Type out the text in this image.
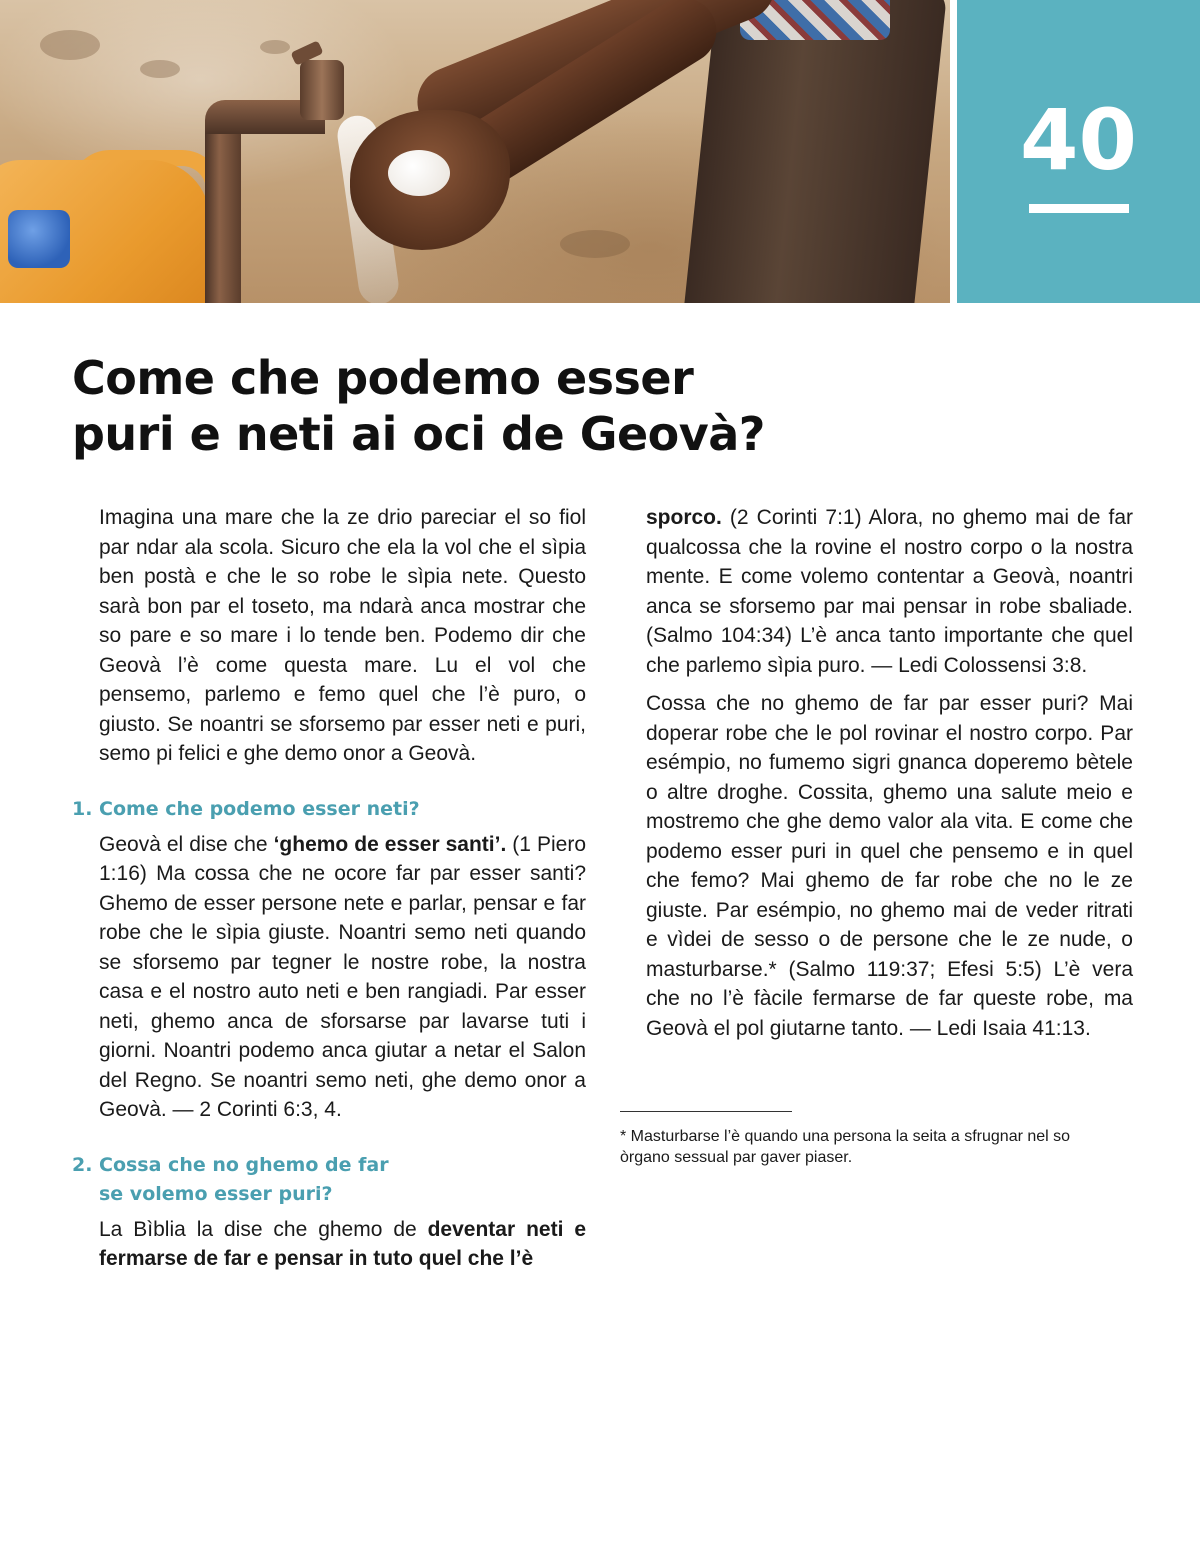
40
Come che podemo esser
puri e neti ai oci de Geovà?

Imagina una mare che la ze drio pareciar el so fiol par ndar ala scola. Sicuro che ela la vol che el sìpia ben postà e che le so robe le sìpia nete. Questo sarà bon par el toseto, ma ndarà anca mostrar che so pare e so mare i lo tende ben. Podemo dir che Geovà l’è come questa mare. Lu el vol che pensemo, parlemo e femo quel che l’è puro, o giusto. Se noantri se sforsemo par esser neti e puri, semo pi felici e ghe demo onor a Geovà.

1. Come che podemo esser neti?

Geovà el dise che ‘ghemo de esser santi’. (1 Piero 1:16) Ma cossa che ne ocore far par esser santi? Ghemo de esser persone nete e parlar, pensar e far robe che le sìpia giuste. Noantri semo neti quando se sforsemo par tegner le nostre robe, la nostra casa e el nostro auto neti e ben rangiadi. Par esser neti, ghemo anca de sforsarse par lavarse tuti i giorni. Noantri podemo anca giutar a netar el Salon del Regno. Se noantri semo neti, ghe demo onor a Geovà. — 2 Corinti 6:3, 4.

2. Cossa che no ghemo de far
se volemo esser puri?

La Bìblia la dise che ghemo de deventar neti e fermarse de far e pensar in tuto quel che l’è

sporco. (2 Corinti 7:1) Alora, no ghemo mai de far qualcossa che la rovine el nostro corpo o la nostra mente. E come volemo contentar a Geovà, noantri anca se sforsemo par mai pensar in robe sbaliade. (Salmo 104:34) L’è anca tanto importante che quel che parlemo sìpia puro. — Ledi Colossensi 3:8.

Cossa che no ghemo de far par esser puri? Mai doperar robe che le pol rovinar el nostro corpo. Par esémpio, no fumemo sigri gnanca doperemo bètele o altre droghe. Cossita, ghemo una salute meio e mostremo che ghe demo valor ala vita. E come che podemo esser puri in quel che pensemo e in quel che femo? Mai ghemo de far robe che no le ze giuste. Par esémpio, no ghemo mai de veder ritrati e vìdei de sesso o de persone che le ze nude, o masturbarse.* (Salmo 119:37; Efesi 5:5) L’è vera che no l’è fàcile fermarse de far queste robe, ma Geovà el pol giutarne tanto. — Ledi Isaia 41:13.

* Masturbarse l’è quando una persona la seita a sfrugnar nel so òrgano sessual par gaver piaser.
